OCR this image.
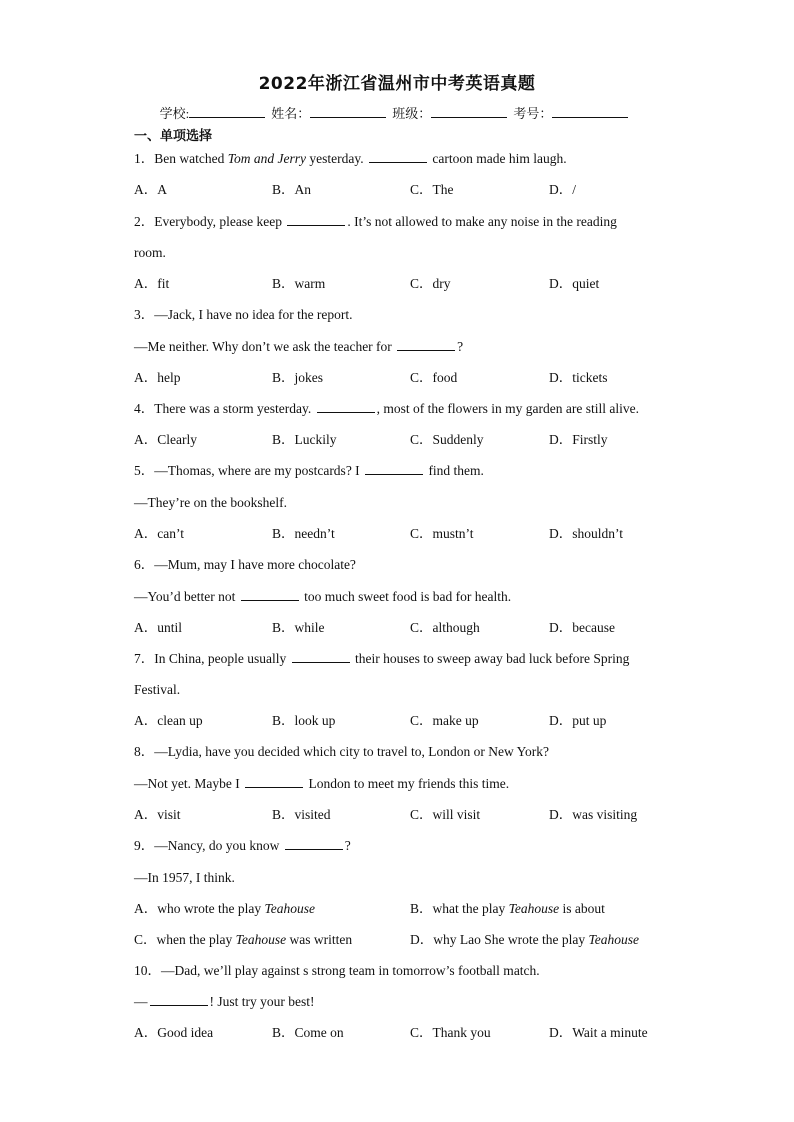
2022年浙江省温州市中考英语真题
学校:	姓名：	班级：	考号：
一、单项选择
1．Ben watched Tom and Jerry yesterday.	cartoon made him laugh.
A．A	B．An	C．The	D．/
2．Everybody, please keep	. It’s not allowed to make any noise in the reading
room.
A．fit	B．warm	C．dry	D．quiet
3．—Jack, I have no idea for the report.
—Me neither. Why don’t we ask the teacher for	?
A．help	B．jokes	C．food	D．tickets
4．There was a storm yesterday.	, most of the flowers in my garden are still alive.
A．Clearly	B．Luckily	C．Suddenly	D．Firstly
5．—Thomas, where are my postcards? I	find them.
—They’re on the bookshelf.
A．can’t	B．needn’t	C．mustn’t	D．shouldn’t
6．—Mum, may I have more chocolate?
—You’d better not	too much sweet food is bad for health.
A．until	B．while	C．although	D．because
7．In China, people usually	their houses to sweep away bad luck before Spring
Festival.
A．clean up	B．look up	C．make up	D．put up
8．—Lydia, have you decided which city to travel to, London or New York?
—Not yet. Maybe I	London to meet my friends this time.
A．visit	B．visited	C．will visit	D．was visiting
9．—Nancy, do you know	?
—In 1957, I think.
A．who wrote the play Teahouse	B．what the play Teahouse is about
C．when the play Teahouse was written	D．why Lao She wrote the play Teahouse
10．—Dad, we’ll play against s strong team in tomorrow’s football match.
—	! Just try your best!
A．Good idea	B．Come on	C．Thank you	D．Wait a minute
